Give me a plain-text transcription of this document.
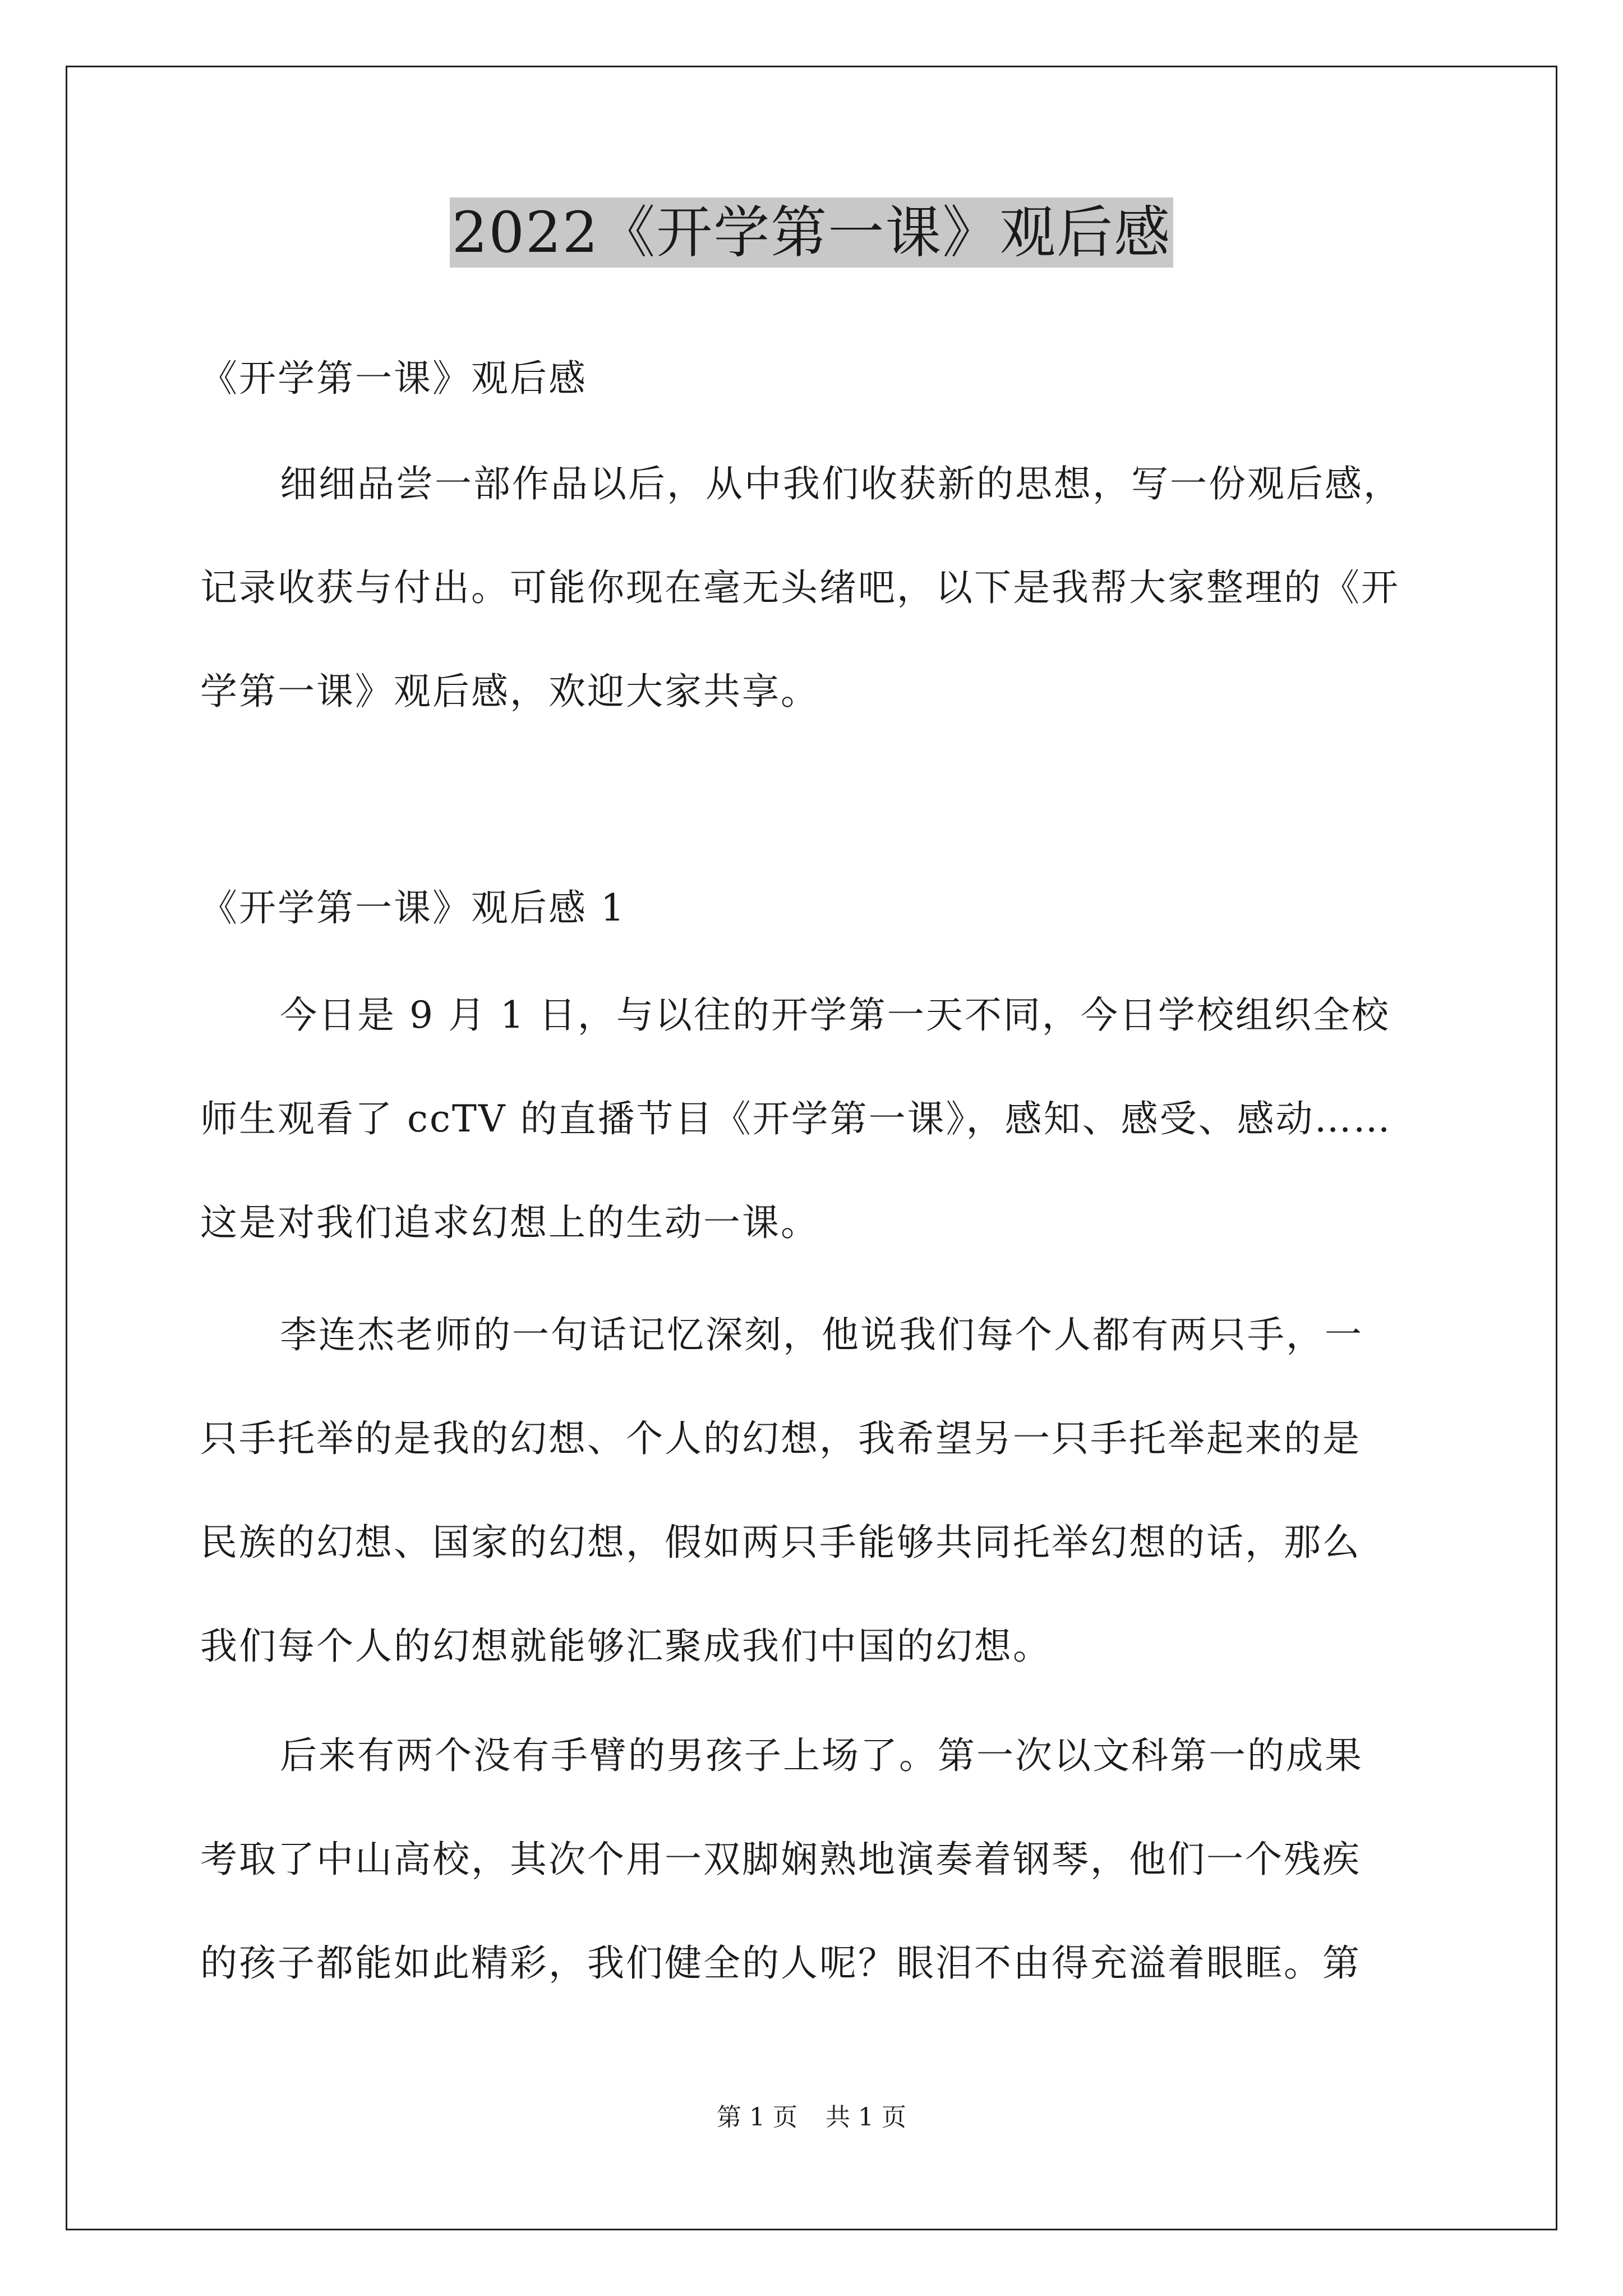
2022《开学第一课》观后感
《开学第一课》观后感
细细品尝一部作品以后，从中我们收获新的思想，写一份观后感，
记录收获与付出。可能你现在毫无头绪吧，以下是我帮大家整理的《开
学第一课》观后感，欢迎大家共享。
《开学第一课》观后感 1
今日是 9 月 1 日，与以往的开学第一天不同，今日学校组织全校
师生观看了 ccTV 的直播节目《开学第一课》，感知、感受、感动……
这是对我们追求幻想上的生动一课。
李连杰老师的一句话记忆深刻，他说我们每个人都有两只手，一
只手托举的是我的幻想、个人的幻想，我希望另一只手托举起来的是
民族的幻想、国家的幻想，假如两只手能够共同托举幻想的话，那么
我们每个人的幻想就能够汇聚成我们中国的幻想。
后来有两个没有手臂的男孩子上场了。第一次以文科第一的成果
考取了中山高校，其次个用一双脚娴熟地演奏着钢琴，他们一个残疾
的孩子都能如此精彩，我们健全的人呢？眼泪不由得充溢着眼眶。第
第 1 页 共 1 页
